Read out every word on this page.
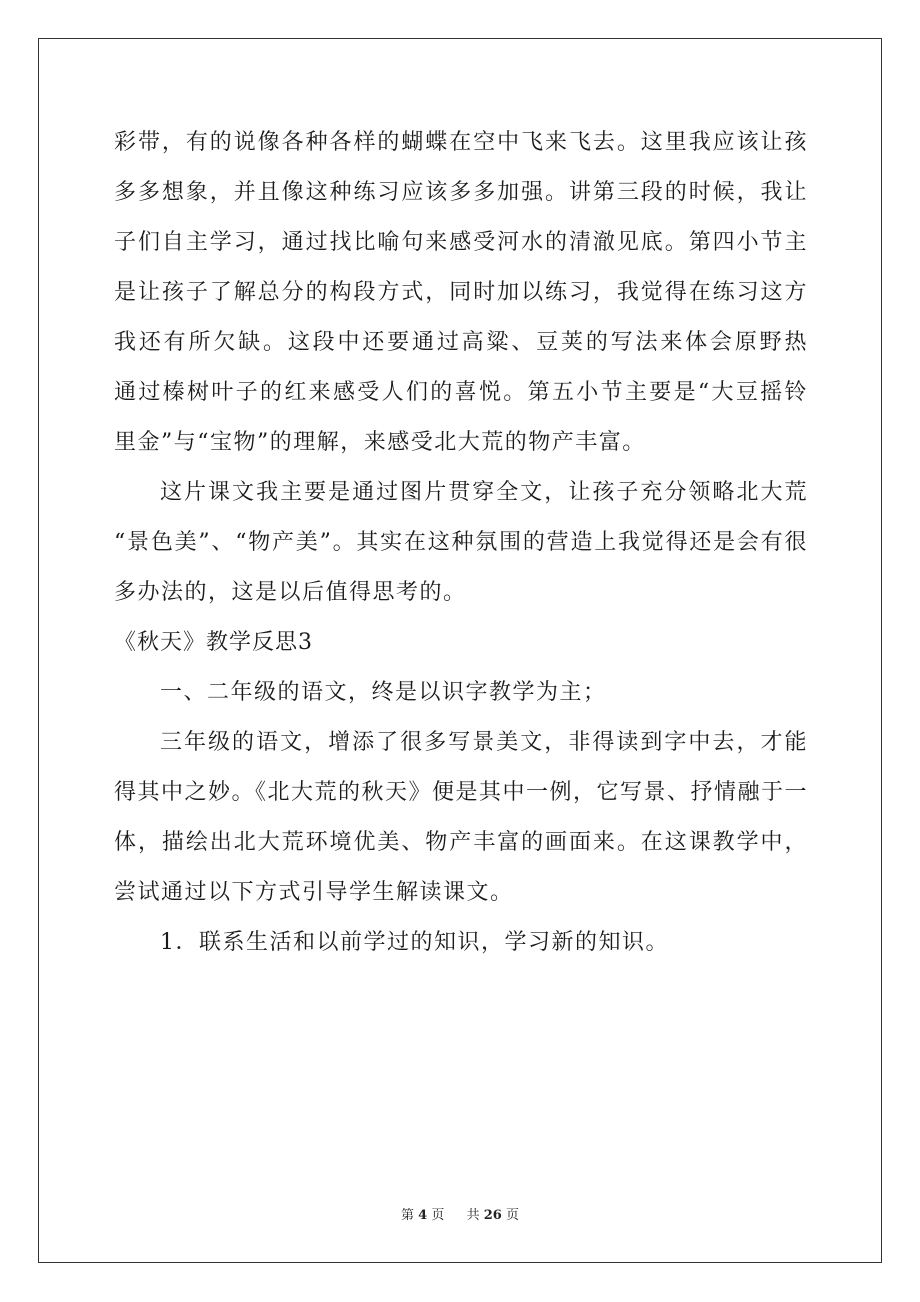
彩带，有的说像各种各样的蝴蝶在空中飞来飞去。这里我应该让孩
多多想象，并且像这种练习应该多多加强。讲第三段的时候，我让
子们自主学习，通过找比喻句来感受河水的清澈见底。第四小节主
是让孩子了解总分的构段方式，同时加以练习，我觉得在练习这方
我还有所欠缺。这段中还要通过高粱、豆荚的写法来体会原野热
通过榛树叶子的红来感受人们的喜悦。第五小节主要是“大豆摇铃
里金”与“宝物”的理解，来感受北大荒的物产丰富。
这片课文我主要是通过图片贯穿全文，让孩子充分领略北大荒
“景色美”、“物产美”。其实在这种氛围的营造上我觉得还是会有很
多办法的，这是以后值得思考的。
《秋天》教学反思3
一、二年级的语文，终是以识字教学为主；
三年级的语文，增添了很多写景美文，非得读到字中去，才能
得其中之妙。《北大荒的秋天》便是其中一例，它写景、抒情融于一
体，描绘出北大荒环境优美、物产丰富的画面来。在这课教学中，
尝试通过以下方式引导学生解读课文。
1．联系生活和以前学过的知识，学习新的知识。
第 4 页 共 26 页
